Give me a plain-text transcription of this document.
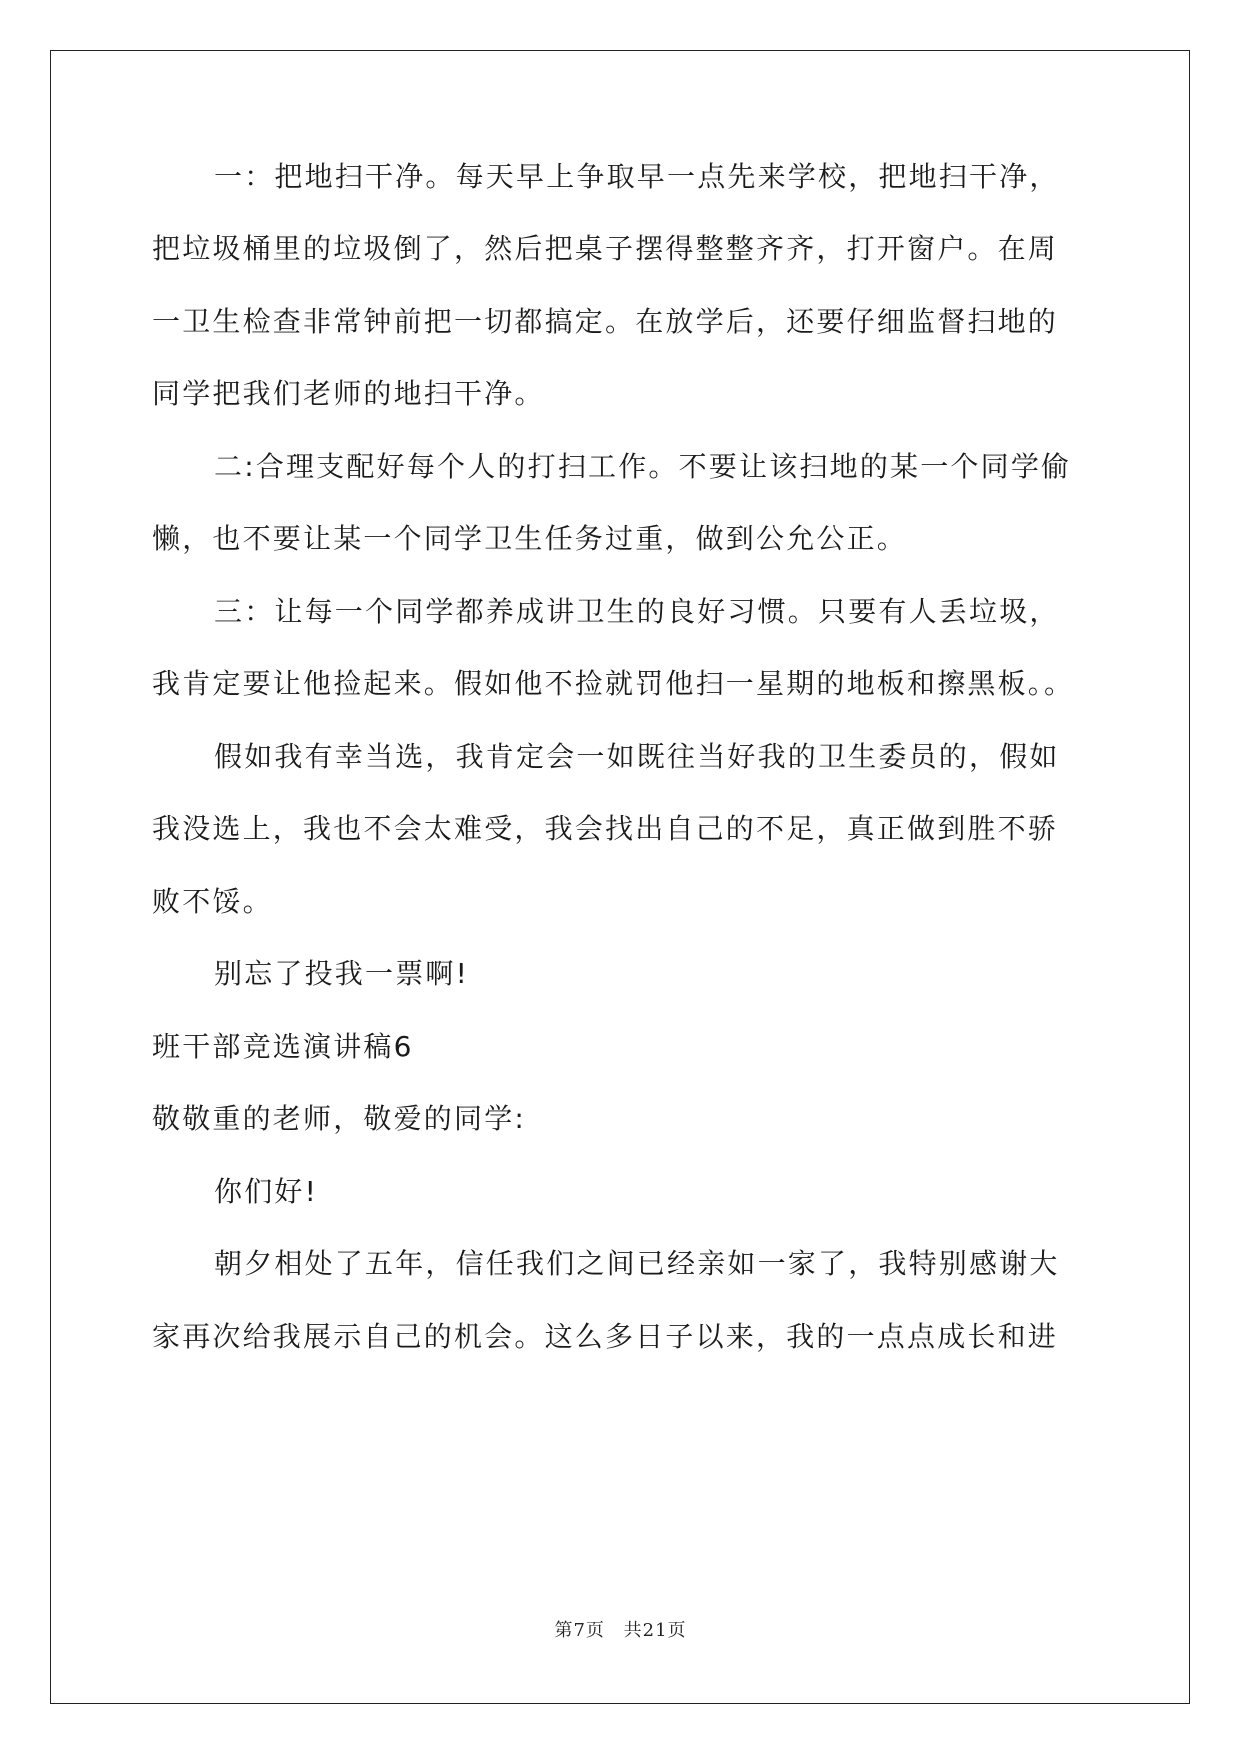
一：把地扫干净。每天早上争取早一点先来学校，把地扫干净，
把垃圾桶里的垃圾倒了，然后把桌子摆得整整齐齐，打开窗户。在周
一卫生检查非常钟前把一切都搞定。在放学后，还要仔细监督扫地的
同学把我们老师的地扫干净。
二:合理支配好每个人的打扫工作。不要让该扫地的某一个同学偷
懒，也不要让某一个同学卫生任务过重，做到公允公正。
三：让每一个同学都养成讲卫生的良好习惯。只要有人丢垃圾，
我肯定要让他捡起来。假如他不捡就罚他扫一星期的地板和擦黑板。。
假如我有幸当选，我肯定会一如既往当好我的卫生委员的，假如
我没选上，我也不会太难受，我会找出自己的不足，真正做到胜不骄
败不馁。
别忘了投我一票啊!
班干部竞选演讲稿6
敬敬重的老师，敬爱的同学:
你们好!
朝夕相处了五年，信任我们之间已经亲如一家了，我特别感谢大
家再次给我展示自己的机会。这么多日子以来，我的一点点成长和进
第7页 共21页
